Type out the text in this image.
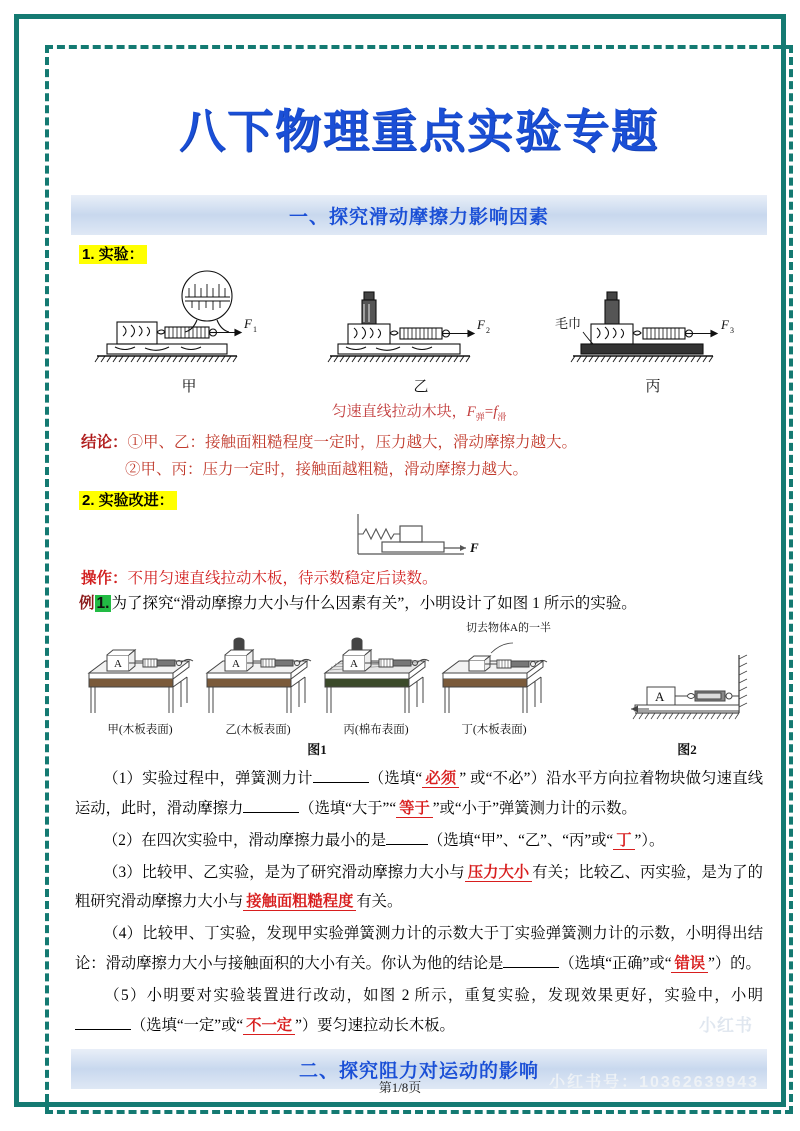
八下物理重点实验专题
一、探究滑动摩擦力影响因素
1. 实验：
F 1
甲
F 2
乙
毛巾	F 3
丙
匀速直线拉动木块，$F_弹=f_滑$
结论：①甲、乙：接触面粗糙程度一定时，压力越大，滑动摩擦力越大。
②甲、丙：压力一定时，接触面越粗糙，滑动摩擦力越大。
2. 实验改进：
F
操作：不用匀速直线拉动木板，待示数稳定后读数。
例 1. 为了探究“滑动摩擦力大小与什么因素有关”，小明设计了如图 1 所示的实验。
切去物体A的一半
A
甲(木板表面)
A
乙(木板表面)
A
丙(棉布表面)	丁(木板表面)
图1
A
图2
（1）实验过程中，弹簧测力计	（选填“ 必须 ” 或“不必”）沿水平方向拉着物块做匀速直线运动，此时，滑动摩擦力	（选填“大于”“ 等于 ”或“小于”弹簧测力计的示数。
（2）在四次实验中，滑动摩擦力最小的是	（选填“甲”、“乙”、“丙”或“ 丁 ”）。
（3）比较甲、乙实验，是为了研究滑动摩擦力大小与 压力大小 有关；比较乙、丙实验，是为了的粗研究滑动摩擦力大小与 接触面粗糙程度 有关。
（4）比较甲、丁实验，发现甲实验弹簧测力计的示数大于丁实验弹簧测力计的示数，小明得出结论：滑动摩擦力大小与接触面积的大小有关。你认为他的结论是	（选填“正确”或“ 错误 ”）的。
（5）小明要对实验装置进行改动，如图 2 所示，重复实验，发现效果更好，实验中，小明（选填“一定”或“ 不一定 ”）要匀速拉动长木板。
二、探究阻力对运动的影响
小红书
第1/8页	小红书号：10362639943
